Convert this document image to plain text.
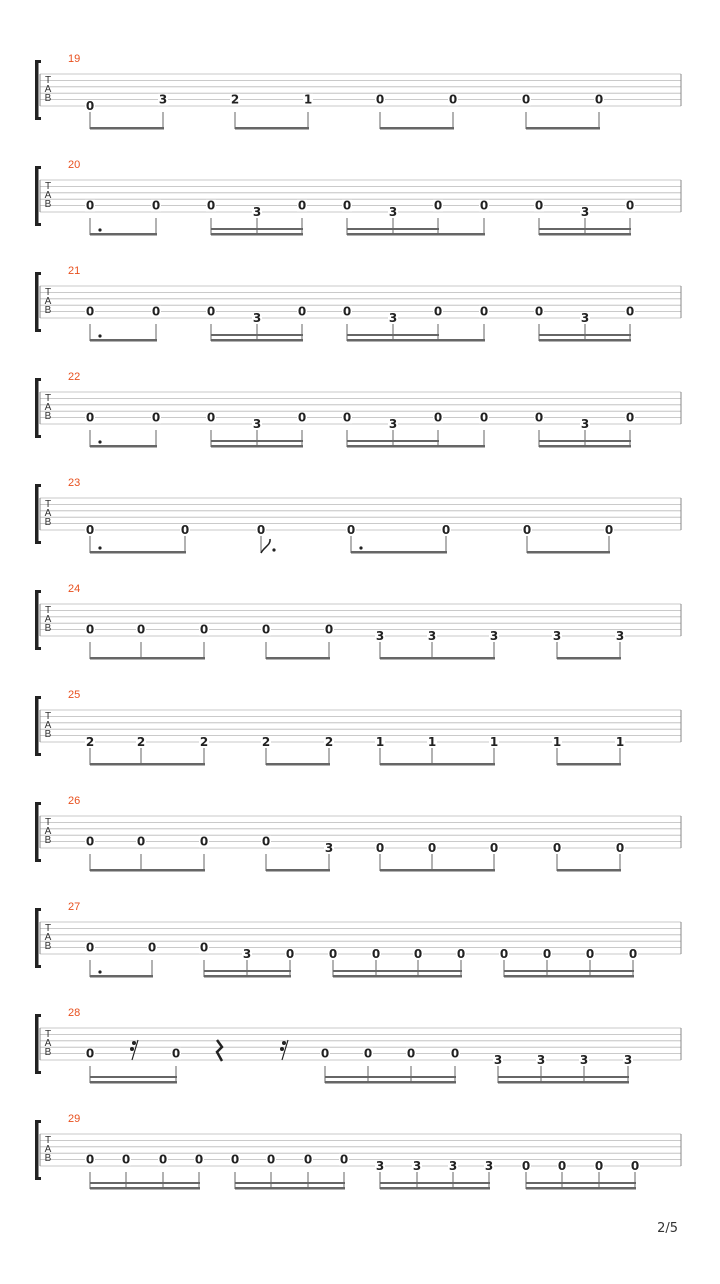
T
A
B
19
0	3	2	1	0	0	0	0
T
A
B
20
0	0	0	3	0	0	3	0	0	0	3	0
T
A
B
21
0	0	0	3	0	0	3	0	0	0	3	0
T
A
B
22
0	0	0	3	0	0	3	0	0	0	3	0
T
A
B
23
0	0	0	0	0	0	0
T
A
B
24
0	0	0	0	0	3	3	3	3	3
T
A
B
25
2	2	2	2	2	1	1	1	1	1
T
A
B
26
0	0	0	0	3	0	0	0	0	0
T
A
B
27
0	0	0	3	0	0	0	0	0	0	0	0	0
T
A
B
28
0	0	0	0	0	0	3	3	3	3
T
A
B
29
0 0 0 0 0 0 0 0 3 3 3 3 0 0 0 0
2/5
